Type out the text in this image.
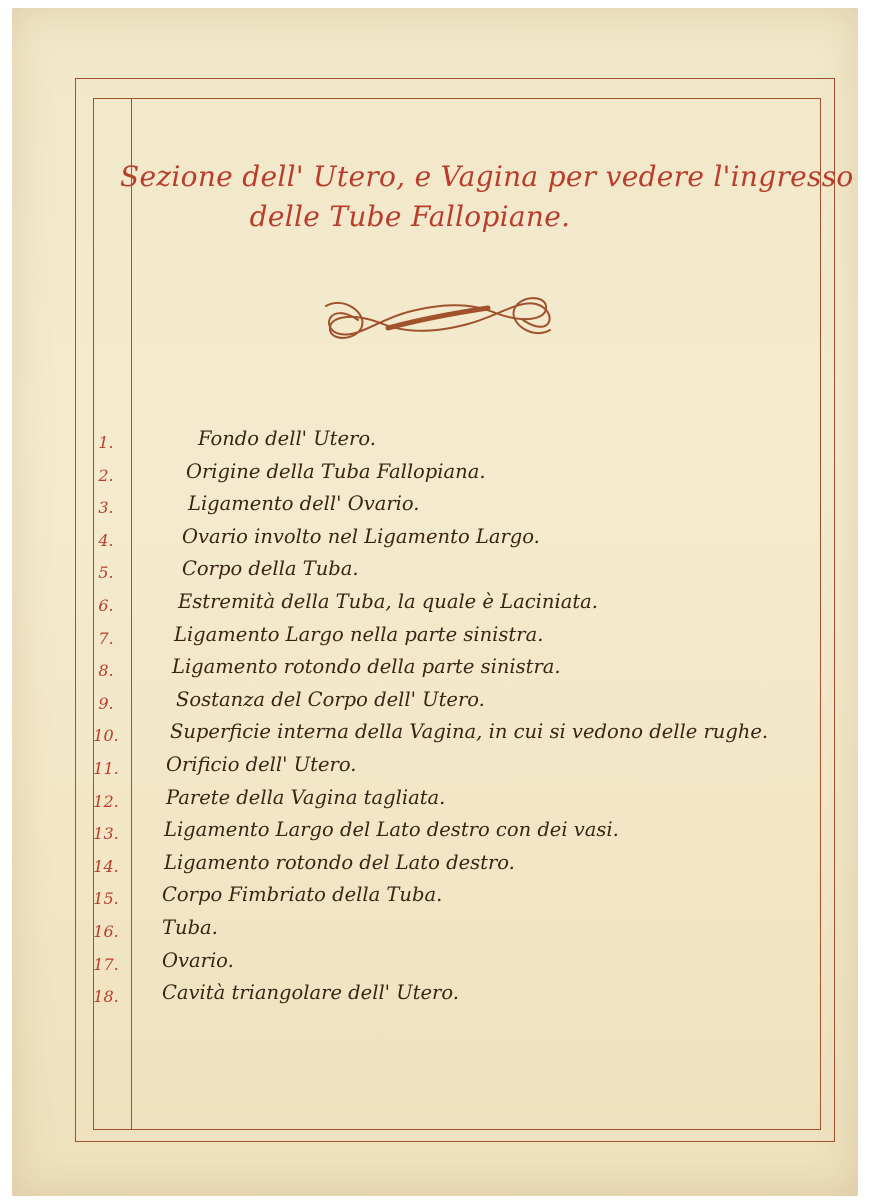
Sezione dell' Utero, e Vagina per vedere l'ingresso
delle Tube Fallopiane.
1.	Fondo dell' Utero.
2.	Origine della Tuba Fallopiana.
3.	Ligamento dell' Ovario.
4.	Ovario involto nel Ligamento Largo.
5.	Corpo della Tuba.
6.	Estremità della Tuba, la quale è Laciniata.
7.	Ligamento Largo nella parte sinistra.
8.	Ligamento rotondo della parte sinistra.
9.	Sostanza del Corpo dell' Utero.
10.	Superficie interna della Vagina, in cui si vedono delle rughe.
11.	Orificio dell' Utero.
12.	Parete della Vagina tagliata.
13.	Ligamento Largo del Lato destro con dei vasi.
14.	Ligamento rotondo del Lato destro.
15.	Corpo Fimbriato della Tuba.
16.	Tuba.
17.	Ovario.
18.	Cavità triangolare dell' Utero.
